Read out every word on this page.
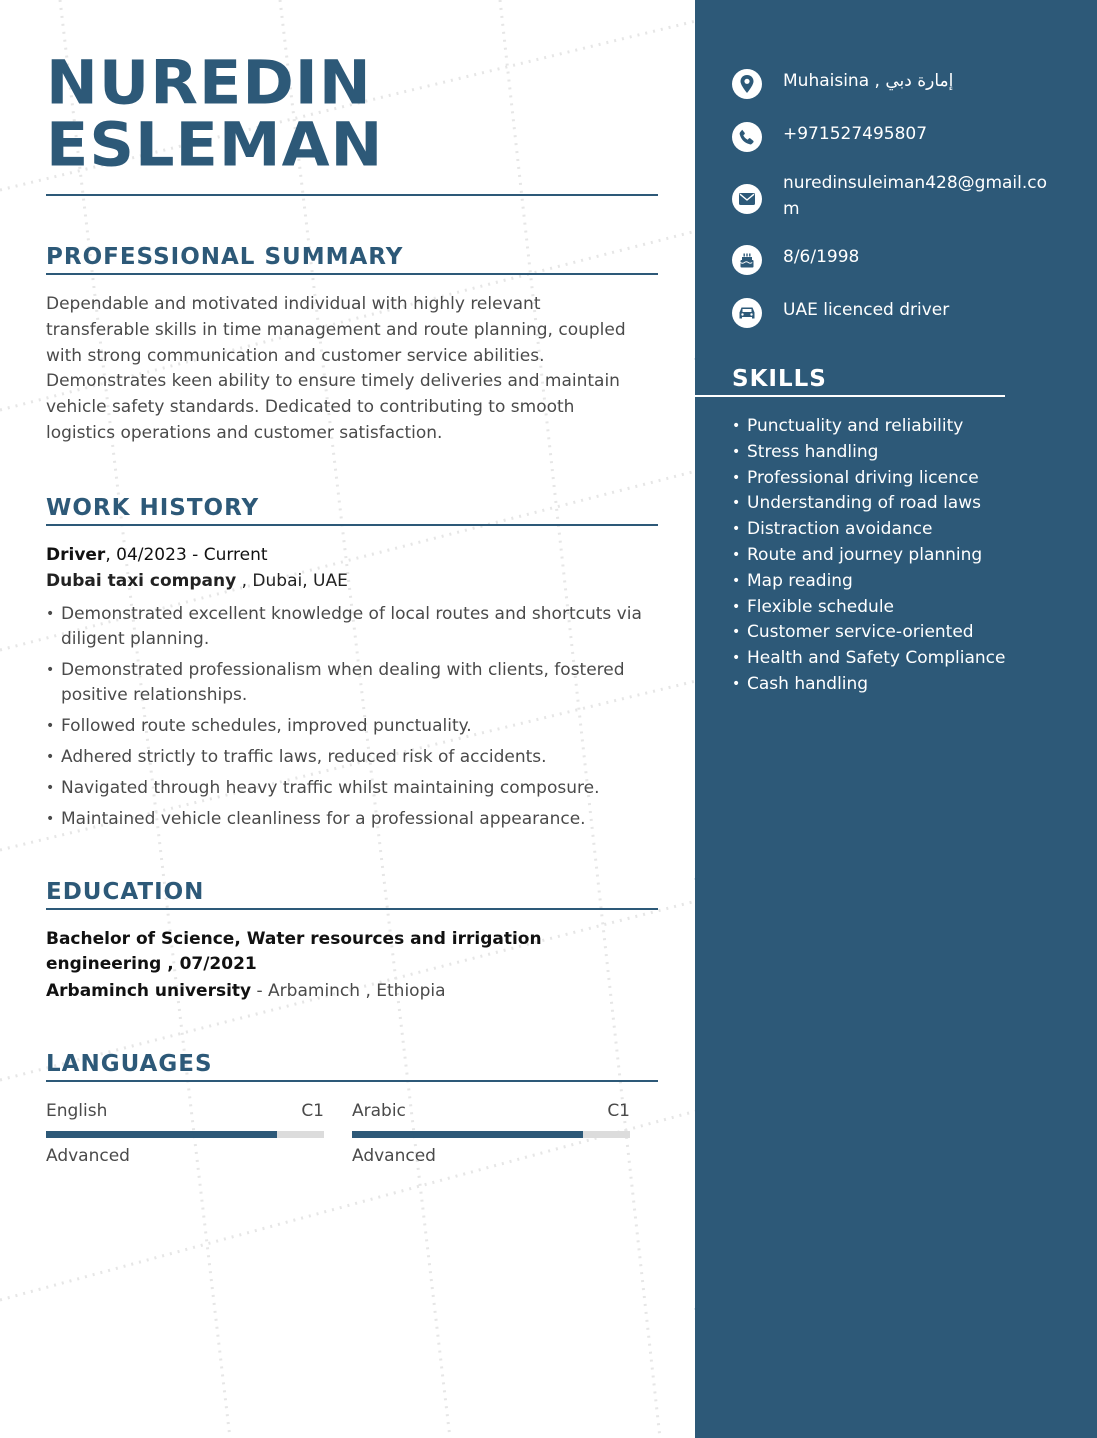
NUREDIN
ESLEMAN
PROFESSIONAL SUMMARY

Dependable and motivated individual with highly relevant transferable skills in time management and route planning, coupled with strong communication and customer service abilities. Demonstrates keen ability to ensure timely deliveries and maintain vehicle safety standards. Dedicated to contributing to smooth logistics operations and customer satisfaction.

WORK HISTORY
Driver, 04/2023 - Current
Dubai taxi company , Dubai, UAE
• Demonstrated excellent knowledge of local routes and shortcuts via diligent planning.
• Demonstrated professionalism when dealing with clients, fostered positive relationships.
• Followed route schedules, improved punctuality.
• Adhered strictly to traffic laws, reduced risk of accidents.
• Navigated through heavy traffic whilst maintaining composure.
• Maintained vehicle cleanliness for a professional appearance.
EDUCATION
Bachelor of Science, Water resources and irrigation engineering , 07/2021
Arbaminch university - Arbaminch , Ethiopia
LANGUAGES
English	C1
Advanced
Arabic	C1
Advanced
Muhaisina , إمارة دبي
+971527495807
nuredinsuleiman428@gmail.com
8/6/1998
UAE licenced driver
SKILLS
• Punctuality and reliability
• Stress handling
• Professional driving licence
• Understanding of road laws
• Distraction avoidance
• Route and journey planning
• Map reading
• Flexible schedule
• Customer service-oriented
• Health and Safety Compliance
• Cash handling
